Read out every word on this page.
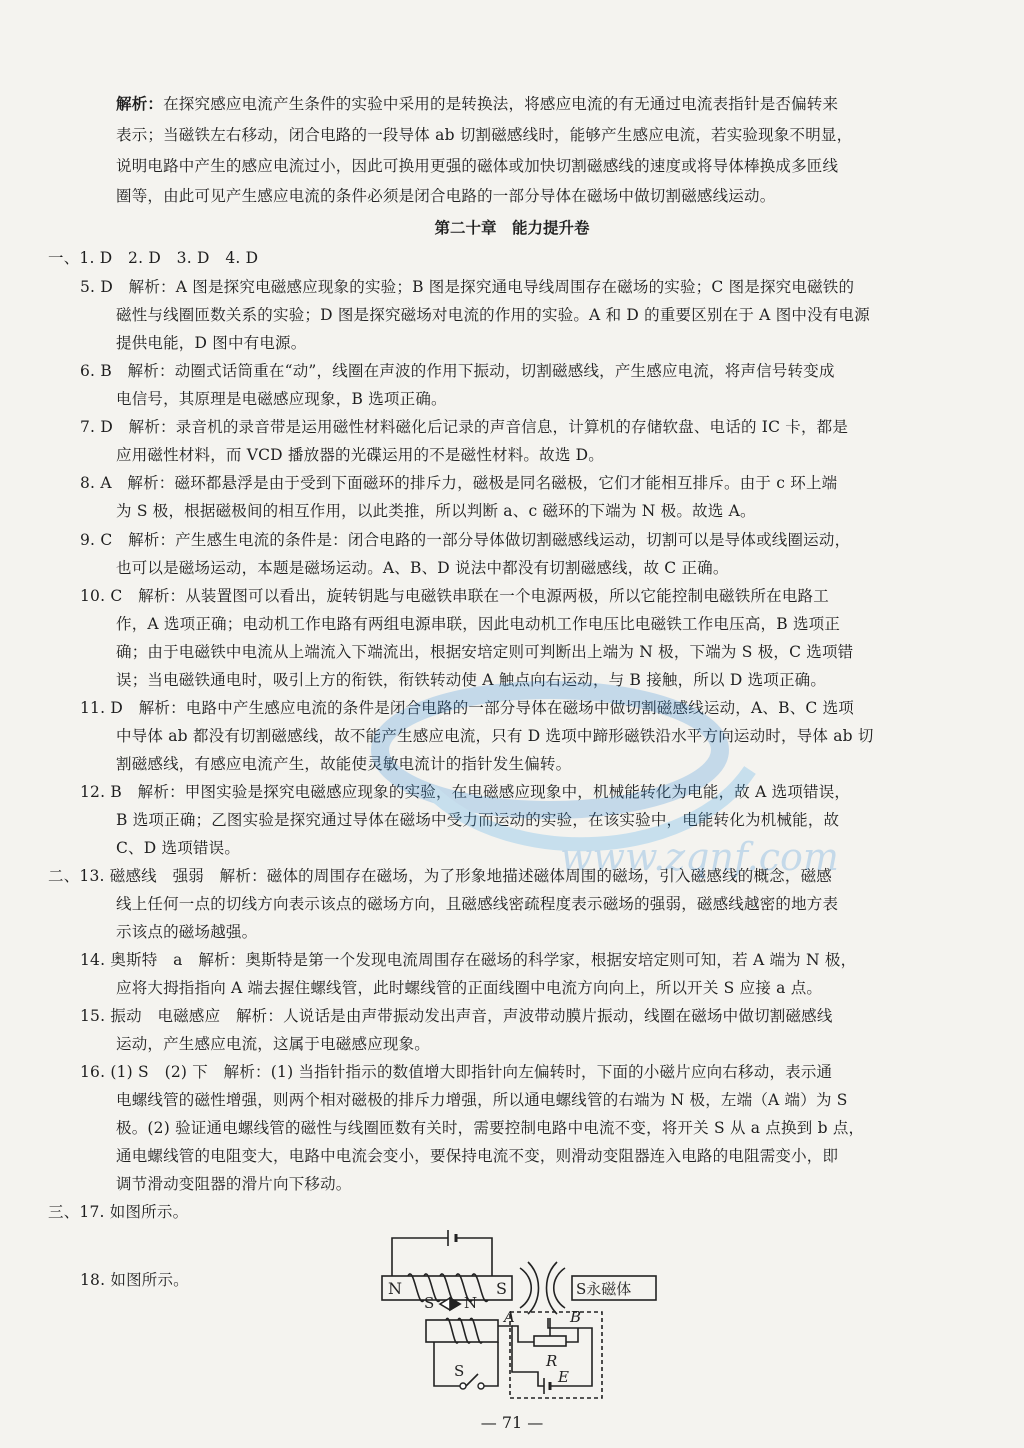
解析：在探究感应电流产生条件的实验中采用的是转换法，将感应电流的有无通过电流表指针是否偏转来
表示；当磁铁左右移动，闭合电路的一段导体 ab 切割磁感线时，能够产生感应电流，若实验现象不明显，
说明电路中产生的感应电流过小，因此可换用更强的磁体或加快切割磁感线的速度或将导体棒换成多匝线
圈等，由此可见产生感应电流的条件必须是闭合电路的一部分导体在磁场中做切割磁感线运动。
第二十章　能力提升卷
一、1. D　2. D　3. D　4. D
5. D　解析：A 图是探究电磁感应现象的实验；B 图是探究通电导线周围存在磁场的实验；C 图是探究电磁铁的
磁性与线圈匝数关系的实验；D 图是探究磁场对电流的作用的实验。A 和 D 的重要区别在于 A 图中没有电源
提供电能，D 图中有电源。
6. B　解析：动圈式话筒重在“动”，线圈在声波的作用下振动，切割磁感线，产生感应电流，将声信号转变成
电信号，其原理是电磁感应现象，B 选项正确。
7. D　解析：录音机的录音带是运用磁性材料磁化后记录的声音信息，计算机的存储软盘、电话的 IC 卡，都是
应用磁性材料，而 VCD 播放器的光碟运用的不是磁性材料。故选 D。
8. A　解析：磁环都悬浮是由于受到下面磁环的排斥力，磁极是同名磁极，它们才能相互排斥。由于 c 环上端
为 S 极，根据磁极间的相互作用，以此类推，所以判断 a、c 磁环的下端为 N 极。故选 A。
9. C　解析：产生感生电流的条件是：闭合电路的一部分导体做切割磁感线运动，切割可以是导体或线圈运动，
也可以是磁场运动，本题是磁场运动。A、B、D 说法中都没有切割磁感线，故 C 正确。
10. C　解析：从装置图可以看出，旋转钥匙与电磁铁串联在一个电源两极，所以它能控制电磁铁所在电路工
作，A 选项正确；电动机工作电路有两组电源串联，因此电动机工作电压比电磁铁工作电压高，B 选项正
确；由于电磁铁中电流从上端流入下端流出，根据安培定则可判断出上端为 N 极，下端为 S 极，C 选项错
误；当电磁铁通电时，吸引上方的衔铁，衔铁转动使 A 触点向右运动，与 B 接触，所以 D 选项正确。
11. D　解析：电路中产生感应电流的条件是闭合电路的一部分导体在磁场中做切割磁感线运动，A、B、C 选项
中导体 ab 都没有切割磁感线，故不能产生感应电流，只有 D 选项中蹄形磁铁沿水平方向运动时，导体 ab 切
割磁感线，有感应电流产生，故能使灵敏电流计的指针发生偏转。
12. B　解析：甲图实验是探究电磁感应现象的实验，在电磁感应现象中，机械能转化为电能，故 A 选项错误，
B 选项正确；乙图实验是探究通过导体在磁场中受力而运动的实验，在该实验中，电能转化为机械能，故
C、D 选项错误。
二、13. 磁感线　强弱　解析：磁体的周围存在磁场，为了形象地描述磁体周围的磁场，引入磁感线的概念，磁感
线上任何一点的切线方向表示该点的磁场方向，且磁感线密疏程度表示磁场的强弱，磁感线越密的地方表
示该点的磁场越强。
14. 奥斯特　a　解析：奥斯特是第一个发现电流周围存在磁场的科学家，根据安培定则可知，若 A 端为 N 极，
应将大拇指指向 A 端去握住螺线管，此时螺线管的正面线圈中电流方向向上，所以开关 S 应接 a 点。
15. 振动　电磁感应　解析：人说话是由声带振动发出声音，声波带动膜片振动，线圈在磁场中做切割磁感线
运动，产生感应电流，这属于电磁感应现象。
16. (1) S　(2) 下　解析：(1) 当指针指示的数值增大即指针向左偏转时，下面的小磁片应向右移动，表示通
电螺线管的磁性增强，则两个相对磁极的排斥力增强，所以通电螺线管的右端为 N 极，左端（A 端）为 S
极。(2) 验证通电螺线管的磁性与线圈匝数有关时，需要控制电路中电流不变，将开关 S 从 a 点换到 b 点，
通电螺线管的电阻变大，电路中电流会变小，要保持电流不变，则滑动变阻器连入电路的电阻需变小，即
调节滑动变阻器的滑片向下移动。
三、17. 如图所示。
N	S	S永磁体
A	B
18. 如图所示。
S N
S
R
E
— 71 —
www.zqnf.com
